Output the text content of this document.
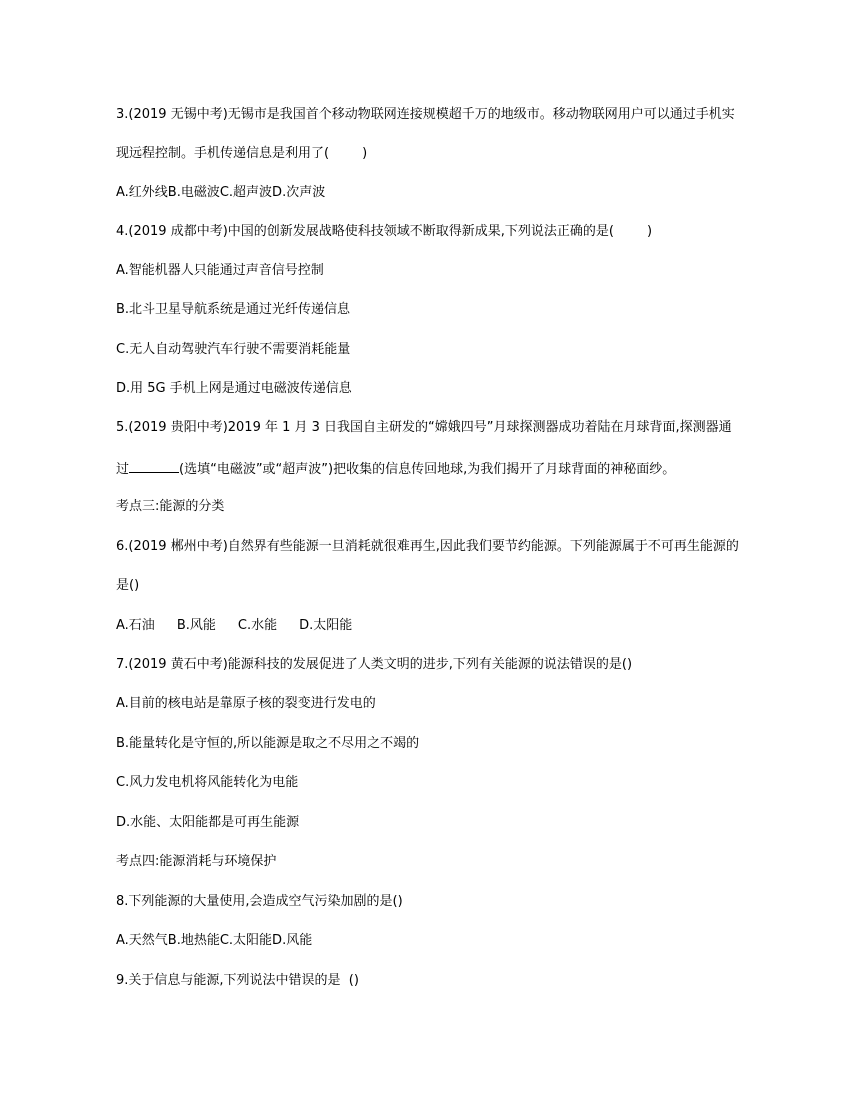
3.(2019 无锡中考)无锡市是我国首个移动物联网连接规模超千万的地级市。移动物联网用户可以通过手机实
现远程控制。手机传递信息是利用了(        )
A.红外线B.电磁波C.超声波D.次声波
4.(2019 成都中考)中国的创新发展战略使科技领域不断取得新成果,下列说法正确的是(        )
A.智能机器人只能通过声音信号控制
B.北斗卫星导航系统是通过光纤传递信息
C.无人自动驾驶汽车行驶不需要消耗能量
D.用 5G 手机上网是通过电磁波传递信息
5.(2019 贵阳中考)2019 年 1 月 3 日我国自主研发的“嫦娥四号”月球探测器成功着陆在月球背面,探测器通
过	(选填“电磁波”或“超声波”)把收集的信息传回地球,为我们揭开了月球背面的神秘面纱。
考点三:能源的分类
6.(2019 郴州中考)自然界有些能源一旦消耗就很难再生,因此我们要节约能源。下列能源属于不可再生能源的
是()
A.石油 B.风能 C.水能 D.太阳能
7.(2019 黄石中考)能源科技的发展促进了人类文明的进步,下列有关能源的说法错误的是()
A.目前的核电站是靠原子核的裂变进行发电的
B.能量转化是守恒的,所以能源是取之不尽用之不竭的
C.风力发电机将风能转化为电能
D.水能、太阳能都是可再生能源
考点四:能源消耗与环境保护
8.下列能源的大量使用,会造成空气污染加剧的是()
A.天然气B.地热能C.太阳能D.风能
9.关于信息与能源,下列说法中错误的是  ()
